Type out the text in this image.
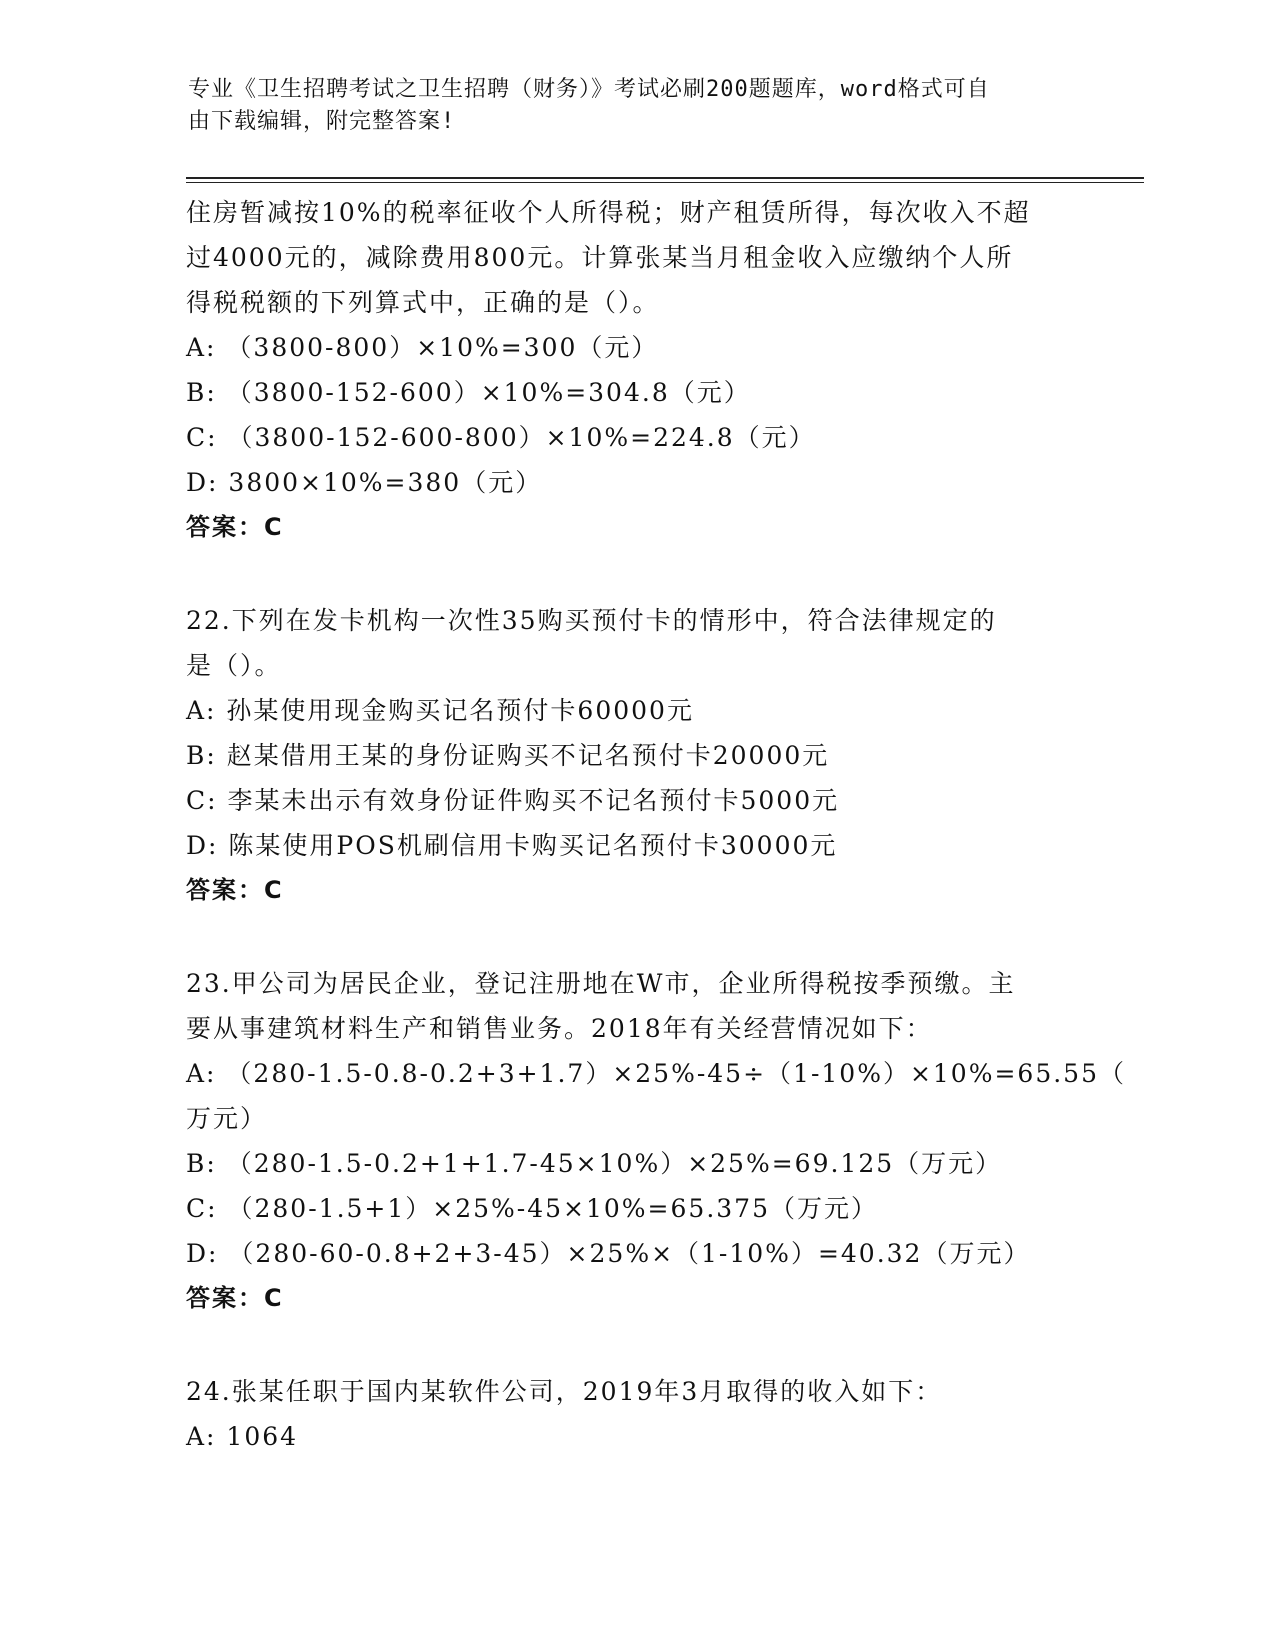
专业《卫生招聘考试之卫生招聘（财务）》考试必刷200题题库，word格式可自
由下载编辑，附完整答案!
住房暂减按10%的税率征收个人所得税；财产租赁所得，每次收入不超
过4000元的，减除费用800元。计算张某当月租金收入应缴纳个人所
得税税额的下列算式中，正确的是（）。
A: （3800-800）×10%=300（元）
B: （3800-152-600）×10%=304.8（元）
C: （3800-152-600-800）×10%=224.8（元）
D: 3800×10%=380（元）
答案：C
22.下列在发卡机构一次性35购买预付卡的情形中，符合法律规定的
是（）。
A: 孙某使用现金购买记名预付卡60000元
B: 赵某借用王某的身份证购买不记名预付卡20000元
C: 李某未出示有效身份证件购买不记名预付卡5000元
D: 陈某使用POS机刷信用卡购买记名预付卡30000元
答案：C
23.甲公司为居民企业，登记注册地在W市，企业所得税按季预缴。主
要从事建筑材料生产和销售业务。2018年有关经营情况如下：
A: （280-1.5-0.8-0.2+3+1.7）×25%-45÷（1-10%）×10%=65.55（
万元）
B: （280-1.5-0.2+1+1.7-45×10%）×25%=69.125（万元）
C: （280-1.5+1）×25%-45×10%=65.375（万元）
D: （280-60-0.8+2+3-45）×25%×（1-10%）=40.32（万元）
答案：C
24.张某任职于国内某软件公司，2019年3月取得的收入如下：
A: 1064
